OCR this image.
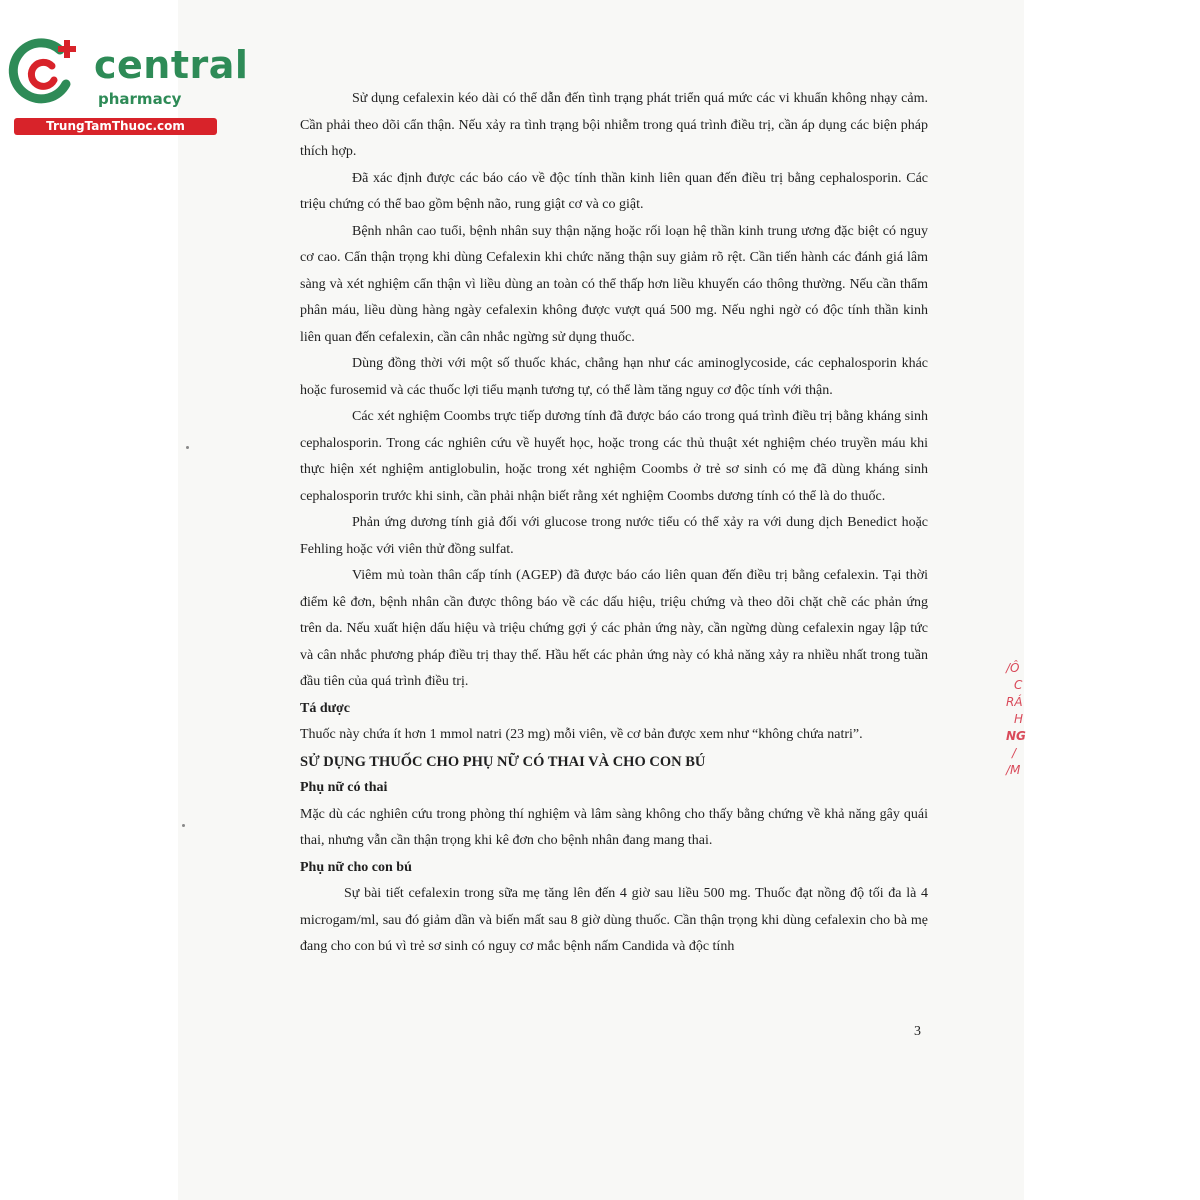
central
pharmacy
TrungTamThuoc.com

Sử dụng cefalexin kéo dài có thể dẫn đến tình trạng phát triển quá mức các vi khuẩn không nhạy cảm. Cần phải theo dõi cẩn thận. Nếu xảy ra tình trạng bội nhiễm trong quá trình điều trị, cần áp dụng các biện pháp thích hợp.

Đã xác định được các báo cáo về độc tính thần kinh liên quan đến điều trị bằng cephalosporin. Các triệu chứng có thể bao gồm bệnh não, rung giật cơ và co giật.

Bệnh nhân cao tuổi, bệnh nhân suy thận nặng hoặc rối loạn hệ thần kinh trung ương đặc biệt có nguy cơ cao. Cẩn thận trọng khi dùng Cefalexin khi chức năng thận suy giảm rõ rệt. Cần tiến hành các đánh giá lâm sàng và xét nghiệm cẩn thận vì liều dùng an toàn có thể thấp hơn liều khuyến cáo thông thường. Nếu cần thẩm phân máu, liều dùng hàng ngày cefalexin không được vượt quá 500 mg. Nếu nghi ngờ có độc tính thần kinh liên quan đến cefalexin, cần cân nhắc ngừng sử dụng thuốc.

Dùng đồng thời với một số thuốc khác, chẳng hạn như các aminoglycoside, các cephalosporin khác hoặc furosemid và các thuốc lợi tiểu mạnh tương tự, có thể làm tăng nguy cơ độc tính với thận.

Các xét nghiệm Coombs trực tiếp dương tính đã được báo cáo trong quá trình điều trị bằng kháng sinh cephalosporin. Trong các nghiên cứu về huyết học, hoặc trong các thủ thuật xét nghiệm chéo truyền máu khi thực hiện xét nghiệm antiglobulin, hoặc trong xét nghiệm Coombs ở trẻ sơ sinh có mẹ đã dùng kháng sinh cephalosporin trước khi sinh, cần phải nhận biết rằng xét nghiệm Coombs dương tính có thể là do thuốc.

Phản ứng dương tính giả đối với glucose trong nước tiểu có thể xảy ra với dung dịch Benedict hoặc Fehling hoặc với viên thử đồng sulfat.

Viêm mủ toàn thân cấp tính (AGEP) đã được báo cáo liên quan đến điều trị bằng cefalexin. Tại thời điểm kê đơn, bệnh nhân cần được thông báo về các dấu hiệu, triệu chứng và theo dõi chặt chẽ các phản ứng trên da. Nếu xuất hiện dấu hiệu và triệu chứng gợi ý các phản ứng này, cần ngừng dùng cefalexin ngay lập tức và cân nhắc phương pháp điều trị thay thế. Hầu hết các phản ứng này có khả năng xảy ra nhiều nhất trong tuần đầu tiên của quá trình điều trị.

Tá dược

Thuốc này chứa ít hơn 1 mmol natri (23 mg) mỗi viên, về cơ bản được xem như “không chứa natri”.

SỬ DỤNG THUỐC CHO PHỤ NỮ CÓ THAI VÀ CHO CON BÚ
Phụ nữ có thai

Mặc dù các nghiên cứu trong phòng thí nghiệm và lâm sàng không cho thấy bằng chứng về khả năng gây quái thai, nhưng vẫn cần thận trọng khi kê đơn cho bệnh nhân đang mang thai.

Phụ nữ cho con bú

Sự bài tiết cefalexin trong sữa mẹ tăng lên đến 4 giờ sau liều 500 mg. Thuốc đạt nồng độ tối đa là 4 microgam/ml, sau đó giảm dần và biến mất sau 8 giờ dùng thuốc. Cần thận trọng khi dùng cefalexin cho bà mẹ đang cho con bú vì trẻ sơ sinh có nguy cơ mắc bệnh nấm Candida và độc tính

3
/Ô
C
RÁ
H
NG
/
/M
